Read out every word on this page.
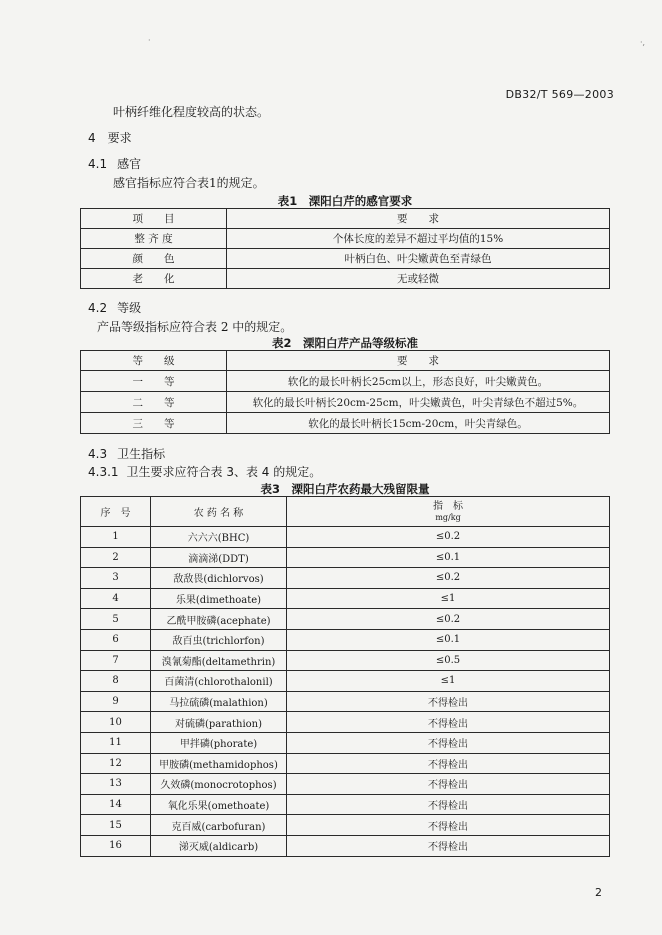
·	·,
DB32/T 569—2003
叶柄纤维化程度较高的状态。
4 要求
4.1 感官
感官指标应符合表1的规定。
表1　溧阳白芹的感官要求
项　　目	要　　求
整 齐 度	个体长度的差异不超过平均值的15%
颜　　色	叶柄白色、叶尖嫩黄色至青绿色
老　　化	无或轻微
4.2 等级
产品等级指标应符合表 2 中的规定。
表2　溧阳白芹产品等级标准
等　　级	要　　求
一　　等	软化的最长叶柄长25cm以上，形态良好，叶尖嫩黄色。
二　　等	软化的最长叶柄长20cm-25cm，叶尖嫩黄色，叶尖青绿色不超过5%。
三　　等	软化的最长叶柄长15cm-20cm，叶尖青绿色。
4.3 卫生指标
4.3.1 卫生要求应符合表 3、表 4 的规定。
表3　溧阳白芹农药最大残留限量
序　号	农 药 名 称	指　标
mg/kg

1	六六六(BHC)	≤0.2
2	滴滴涕(DDT)	≤0.1
3	敌敌畏(dichlorvos)	≤0.2
4	乐果(dimethoate)	≤1
5	乙酰甲胺磷(acephate)	≤0.2
6	敌百虫(trichlorfon)	≤0.1
7	溴氰菊酯(deltamethrin)	≤0.5
8	百菌清(chlorothalonil)	≤1
9	马拉硫磷(malathion)	不得检出
10	对硫磷(parathion)	不得检出
11	甲拌磷(phorate)	不得检出
12	甲胺磷(methamidophos)	不得检出
13	久效磷(monocrotophos)	不得检出
14	氧化乐果(omethoate)	不得检出
15	克百威(carbofuran)	不得检出
16	涕灭威(aldicarb)	不得检出
2
